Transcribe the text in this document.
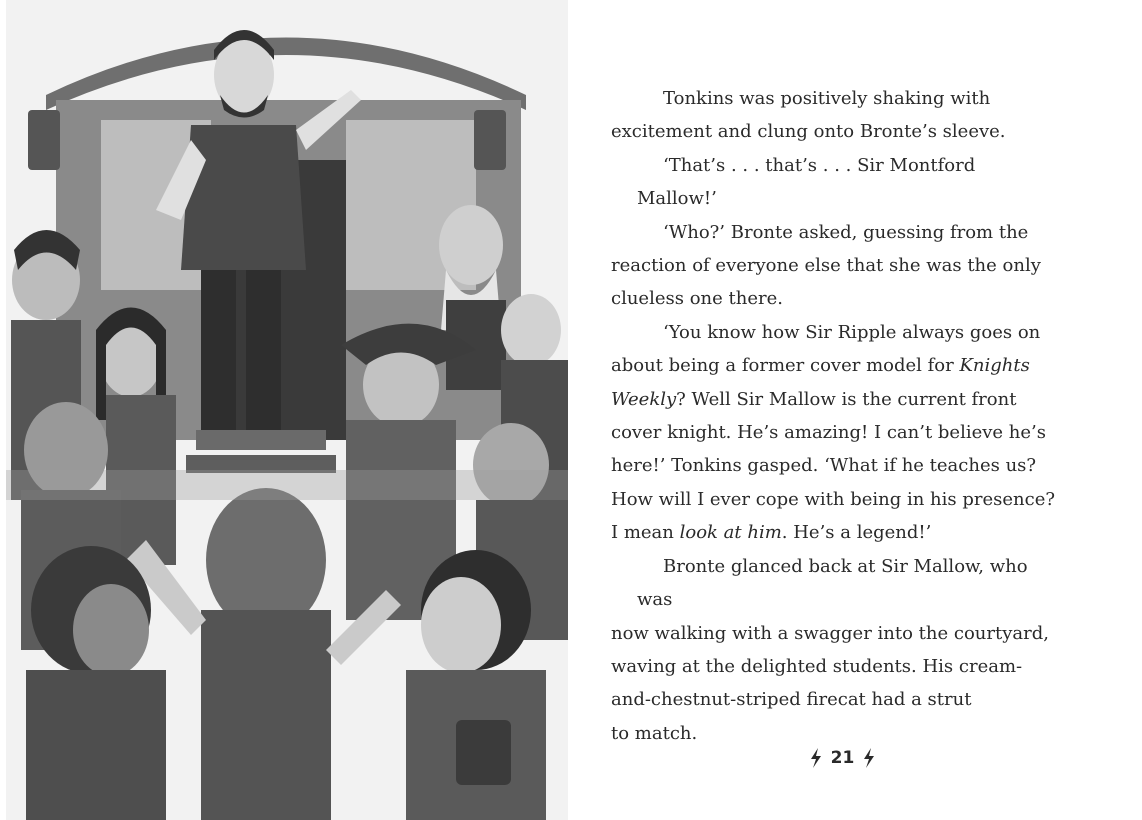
Tonkins was positively shaking with
excitement and clung onto Bronte’s sleeve.

‘That’s . . . that’s . . . Sir Montford Mallow!’

‘Who?’ Bronte asked, guessing from the
reaction of everyone else that she was the only
clueless one there.

‘You know how Sir Ripple always goes on
about being a former cover model for Knights
Weekly? Well Sir Mallow is the current front
cover knight. He’s amazing! I can’t believe he’s
here!’ Tonkins gasped. ‘What if he teaches us?
How will I ever cope with being in his presence?
I mean look at him. He’s a legend!’

Bronte glanced back at Sir Mallow, who was
now walking with a swagger into the courtyard,
waving at the delighted students. His cream-
and-chestnut-striped firecat had a strut
to match.

21
